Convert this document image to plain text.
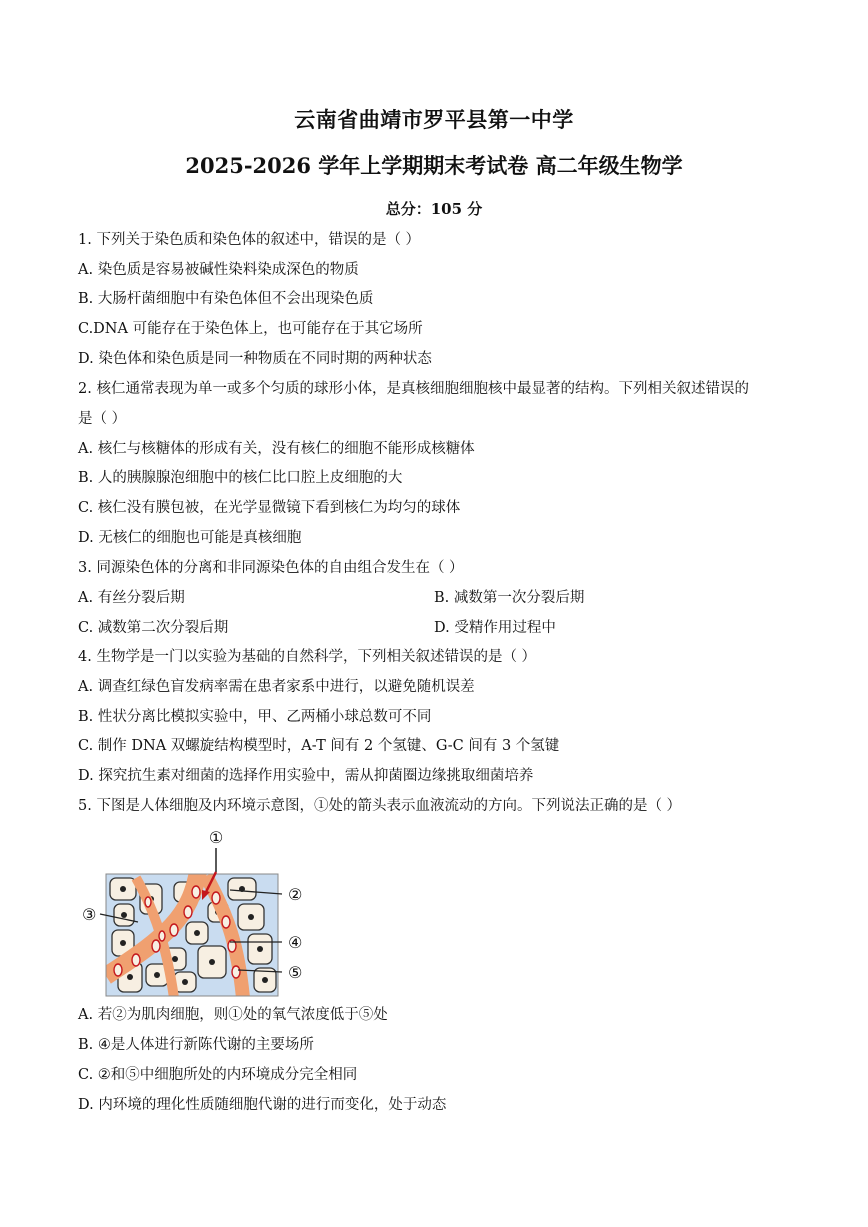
云南省曲靖市罗平县第一中学
2025-2026 学年上学期期末考试卷 高二年级生物学
总分：105 分
1. 下列关于染色质和染色体的叙述中，错误的是（ ）
A. 染色质是容易被碱性染料染成深色的物质
B. 大肠杆菌细胞中有染色体但不会出现染色质
C.DNA 可能存在于染色体上，也可能存在于其它场所
D. 染色体和染色质是同一种物质在不同时期的两种状态
2. 核仁通常表现为单一或多个匀质的球形小体，是真核细胞细胞核中最显著的结构。下列相关叙述错误的
是（ ）
A. 核仁与核糖体的形成有关，没有核仁的细胞不能形成核糖体
B. 人的胰腺腺泡细胞中的核仁比口腔上皮细胞的大
C. 核仁没有膜包被，在光学显微镜下看到核仁为均匀的球体
D. 无核仁的细胞也可能是真核细胞
3. 同源染色体的分离和非同源染色体的自由组合发生在（ ）
A. 有丝分裂后期	B. 减数第一次分裂后期
C. 减数第二次分裂后期	D. 受精作用过程中
4. 生物学是一门以实验为基础的自然科学，下列相关叙述错误的是（ ）
A. 调查红绿色盲发病率需在患者家系中进行，以避免随机误差
B. 性状分离比模拟实验中，甲、乙两桶小球总数可不同
C. 制作 DNA 双螺旋结构模型时，A-T 间有 2 个氢键、G-C 间有 3 个氢键
D. 探究抗生素对细菌的选择作用实验中，需从抑菌圈边缘挑取细菌培养
5. 下图是人体细胞及内环境示意图，①处的箭头表示血液流动的方向。下列说法正确的是（ ）
①
②
③
④
⑤
A. 若②为肌肉细胞，则①处的氧气浓度低于⑤处
B. ④是人体进行新陈代谢的主要场所
C. ②和⑤中细胞所处的内环境成分完全相同
D. 内环境的理化性质随细胞代谢的进行而变化，处于动态
